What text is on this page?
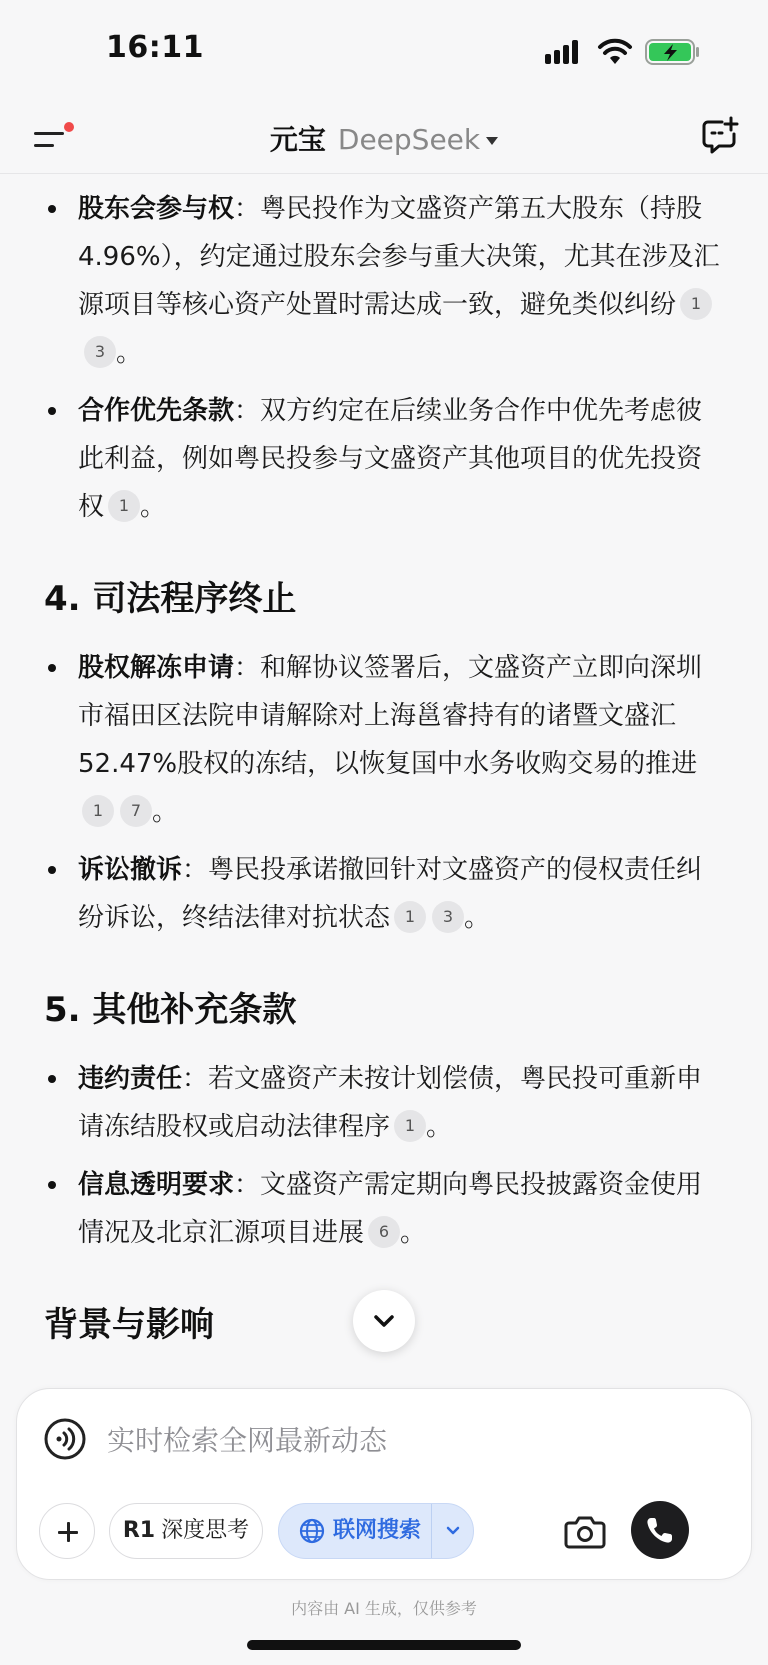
16:11
元宝 DeepSeek
股东会参与权：粤民投作为文盛资产第五大股东（持股4.96%），约定通过股东会参与重大决策，尤其在涉及汇源项目等核心资产处置时需达成一致，避免类似纠纷 13 。
合作优先条款：双方约定在后续业务合作中优先考虑彼此利益，例如粤民投参与文盛资产其他项目的优先投资权 1 。
4. 司法程序终止
股权解冻申请：和解协议签署后，文盛资产立即向深圳市福田区法院申请解除对上海邕睿持有的诸暨文盛汇52.47%股权的冻结，以恢复国中水务收购交易的推进1 7 。
诉讼撤诉：粤民投承诺撤回针对文盛资产的侵权责任纠纷诉讼，终结法律对抗状态 1 3 。
5. 其他补充条款
违约责任：若文盛资产未按计划偿债，粤民投可重新申请冻结股权或启动法律程序 1 。
信息透明要求：文盛资产需定期向粤民投披露资金使用情况及北京汇源项目进展 6 。
背景与影响
实时检索全网最新动态
R1 深度思考	联网搜索
内容由 AI 生成，仅供参考
